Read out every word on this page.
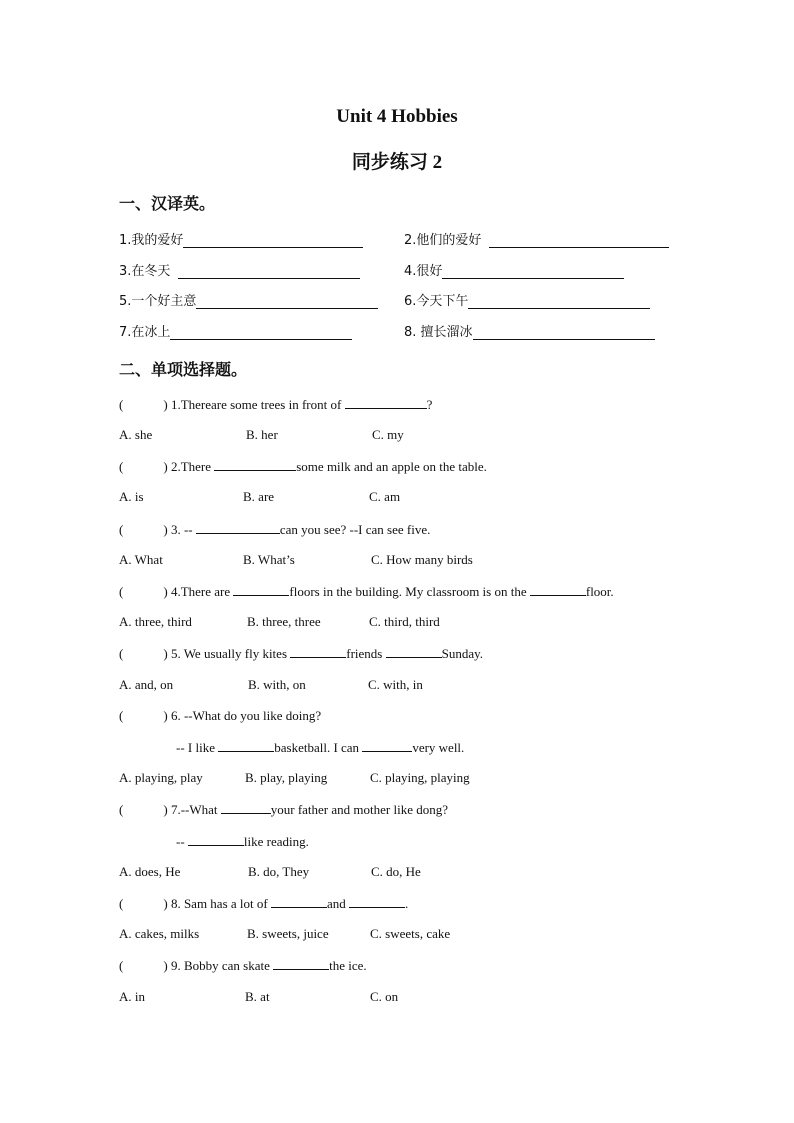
Unit 4 Hobbies
同步练习 2
一、汉译英。
1.我的爱好	2.他们的爱好
3.在冬天	4.很好
5.一个好主意	6.今天下午
7.在冰上	8. 擅长溜冰
二、单项选择题。
(	) 1.Thereare some trees in front of	?
A. she	B. her	C. my
(	) 2.There	some milk and an apple on the table.
A. is	B. are	C. am
(	) 3. --	can you see? --I can see five.
A. What	B. What’s	C. How many birds
(	) 4.There are	floors in the building. My classroom is on the	floor.
A. three, third	B. three, three	C. third, third
(	) 5. We usually fly kites	friends	Sunday.
A. and, on	B. with, on	C. with, in
(	) 6. --What do you like doing?
-- I like	basketball. I can	very well.
A. playing, play	B. play, playing	C. playing, playing
(	) 7.--What	your father and mother like dong?
--	like reading.
A. does, He	B. do, They	C. do, He
(	) 8. Sam has a lot of	and	.
A. cakes, milks	B. sweets, juice	C. sweets, cake
(	) 9. Bobby can skate	the ice.
A. in	B. at	C. on
